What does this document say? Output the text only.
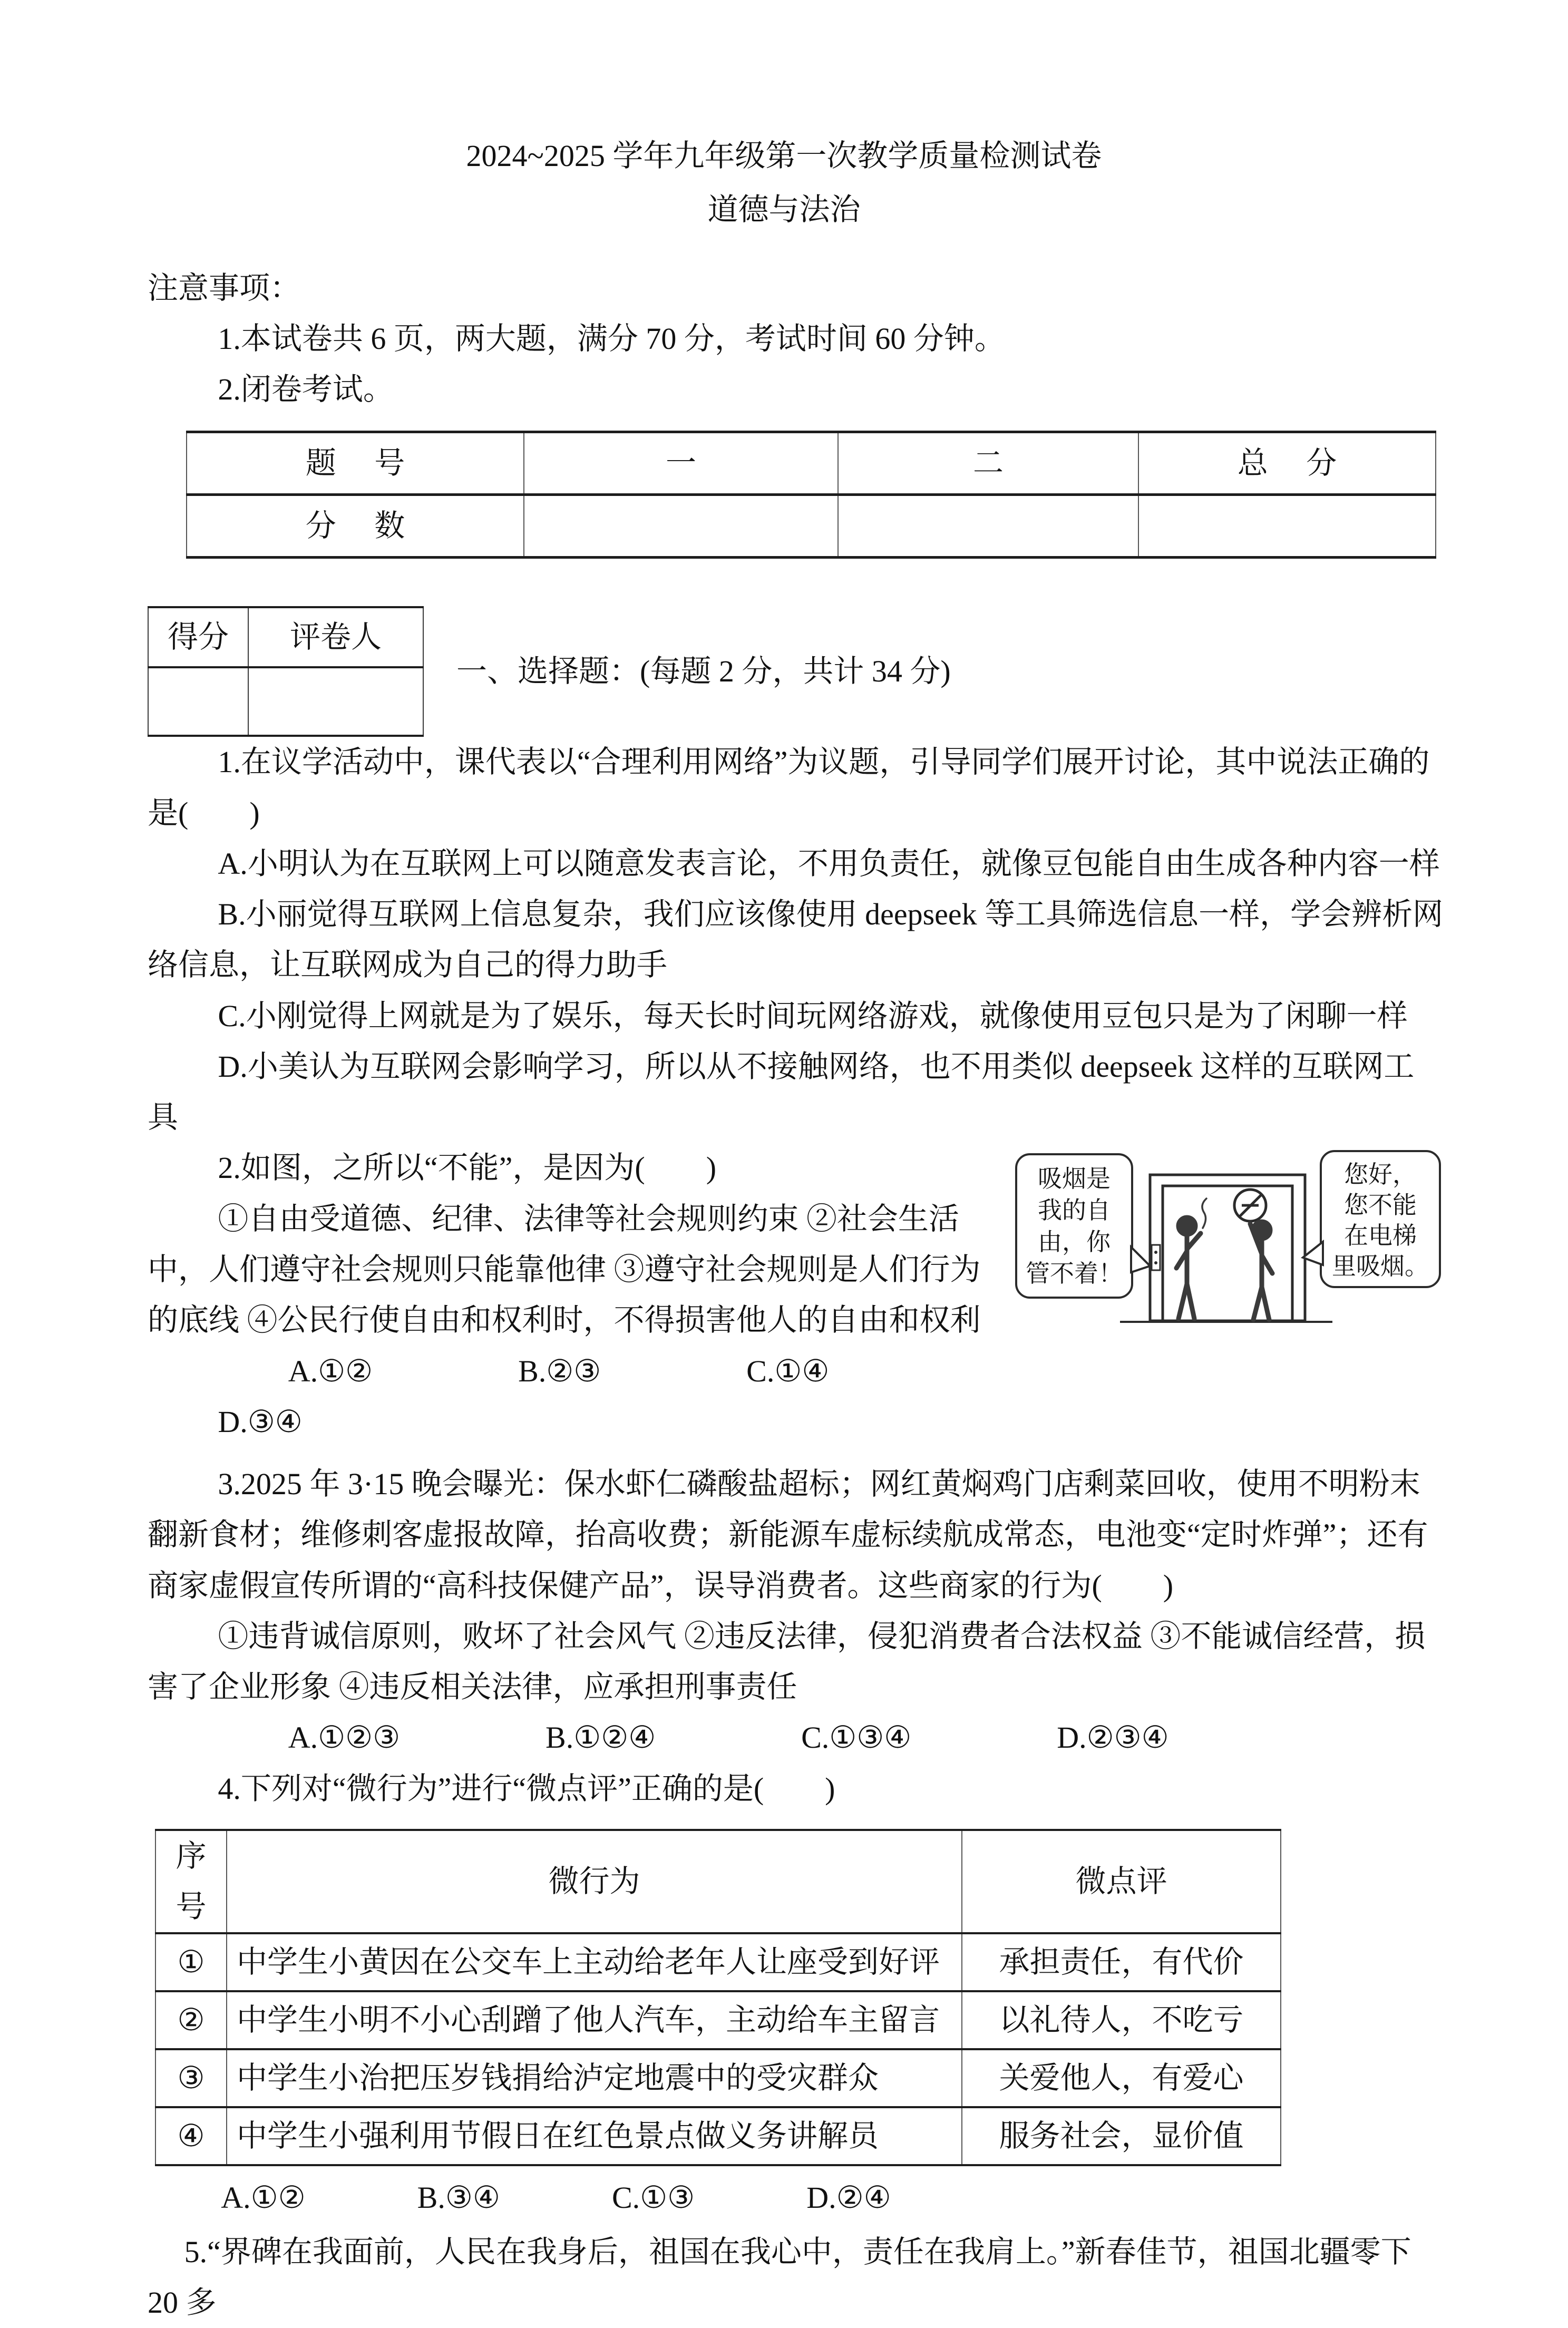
2024~2025 学年九年级第一次教学质量检测试卷

道德与法治

注意事项：

1.本试卷共 6 页，两大题，满分 70 分，考试时间 60 分钟。

2.闭卷考试。

题 号	一	二	总 分
分 数			
得分	评卷人

一、选择题：(每题 2 分，共计 34 分)

1.在议学活动中，课代表以“合理利用网络”为议题，引导同学们展开讨论，其中说法正确的是(　　)

A.小明认为在互联网上可以随意发表言论，不用负责任，就像豆包能自由生成各种内容一样

B.小丽觉得互联网上信息复杂，我们应该像使用 deepseek 等工具筛选信息一样，学会辨析网络信息，让互联网成为自己的得力助手

C.小刚觉得上网就是为了娱乐，每天长时间玩网络游戏，就像使用豆包只是为了闲聊一样

D.小美认为互联网会影响学习，所以从不接触网络，也不用类似 deepseek 这样的互联网工具

吸烟是
我的自
由，你
管不着！
您好，
您不能
在电梯
里吸烟。

2.如图，之所以“不能”，是因为(　　)

①自由受道德、纪律、法律等社会规则约束 ②社会生活中，人们遵守社会规则只能靠他律 ③遵守社会规则是人们行为的底线 ④公民行使自由和权利时，不得损害他人的自由和权利

A.①②	B.②③	C.①④ D.③④

3.2025 年 3·15 晚会曝光：保水虾仁磷酸盐超标；网红黄焖鸡门店剩菜回收，使用不明粉末翻新食材；维修刺客虚报故障，抬高收费；新能源车虚标续航成常态，电池变“定时炸弹”；还有商家虚假宣传所谓的“高科技保健产品”，误导消费者。这些商家的行为(　　)

①违背诚信原则，败坏了社会风气 ②违反法律，侵犯消费者合法权益 ③不能诚信经营，损害了企业形象 ④违反相关法律，应承担刑事责任

A.①②③	B.①②④	C.①③④	D.②③④

4.下列对“微行为”进行“微点评”正确的是(　　)

序号	微行为	微点评
①	中学生小黄因在公交车上主动给老年人让座受到好评	承担责任，有代价
②	中学生小明不小心刮蹭了他人汽车，主动给车主留言	以礼待人，不吃亏
③	中学生小治把压岁钱捐给泸定地震中的受灾群众	关爱他人，有爱心
④	中学生小强利用节假日在红色景点做义务讲解员	服务社会，显价值

A.①②	B.③④	C.①③	D.②④

5.“界碑在我面前，人民在我身后，祖国在我心中，责任在我肩上。”新春佳节，祖国北疆零下 20 多
